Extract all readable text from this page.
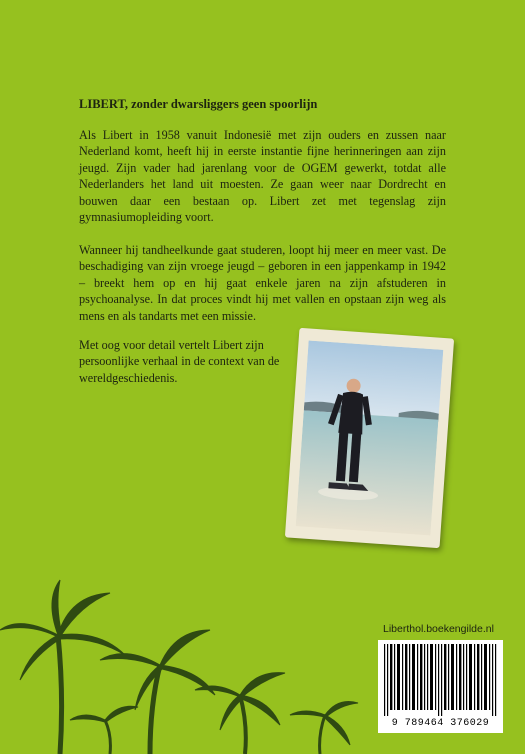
LIBERT, zonder dwarsliggers geen spoorlijn

Als Libert in 1958 vanuit Indonesië met zijn ouders en zussen naar Nederland komt, heeft hij in eerste instantie fijne herinneringen aan zijn jeugd. Zijn vader had jarenlang voor de OGEM gewerkt, totdat alle Nederlanders het land uit moesten. Ze gaan weer naar Dordrecht en bouwen daar een bestaan op. Libert zet met tegenslag zijn gymnasiumopleiding voort.

Wanneer hij tandheelkunde gaat studeren, loopt hij meer en meer vast. De beschadiging van zijn vroege jeugd – geboren in een jappenkamp in 1942 – breekt hem op en hij gaat enkele jaren na zijn afstuderen in psychoanalyse. In dat proces vindt hij met vallen en opstaan zijn weg als mens en als tandarts met een missie.

Met oog voor detail vertelt Libert zijn persoonlijke verhaal in de context van de wereldgeschiedenis.

Liberthol.boekengilde.nl
9 789464 376029
